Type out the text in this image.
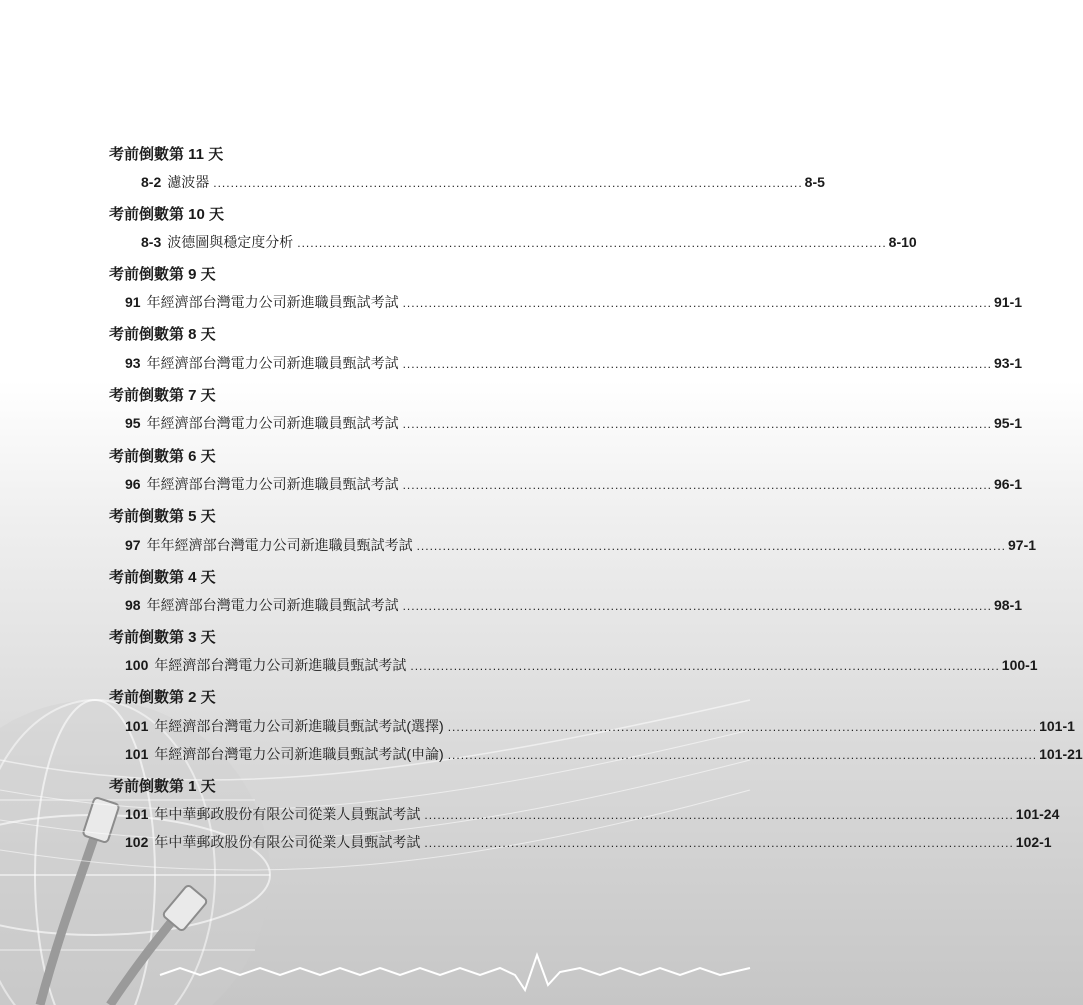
考前倒數第 11 天
8-2 濾波器 ........................................................................................................................................ 8-5
考前倒數第 10 天
8-3 波德圖與穩定度分析 ........................................................................................................................................ 8-10
考前倒數第 9 天
91 年經濟部台灣電力公司新進職員甄試考試 ........................................................................................................................................ 91-1
考前倒數第 8 天
93 年經濟部台灣電力公司新進職員甄試考試 ........................................................................................................................................ 93-1
考前倒數第 7 天
95 年經濟部台灣電力公司新進職員甄試考試 ........................................................................................................................................ 95-1
考前倒數第 6 天
96 年經濟部台灣電力公司新進職員甄試考試 ........................................................................................................................................ 96-1
考前倒數第 5 天
97 年年經濟部台灣電力公司新進職員甄試考試 ........................................................................................................................................ 97-1
考前倒數第 4 天
98 年經濟部台灣電力公司新進職員甄試考試 ........................................................................................................................................ 98-1
考前倒數第 3 天
100 年經濟部台灣電力公司新進職員甄試考試 ........................................................................................................................................ 100-1
考前倒數第 2 天
101 年經濟部台灣電力公司新進職員甄試考試(選擇) ........................................................................................................................................ 101-1
101 年經濟部台灣電力公司新進職員甄試考試(申論) ........................................................................................................................................ 101-21
考前倒數第 1 天
101 年中華郵政股份有限公司從業人員甄試考試 ........................................................................................................................................ 101-24
102 年中華郵政股份有限公司從業人員甄試考試 ........................................................................................................................................ 102-1
